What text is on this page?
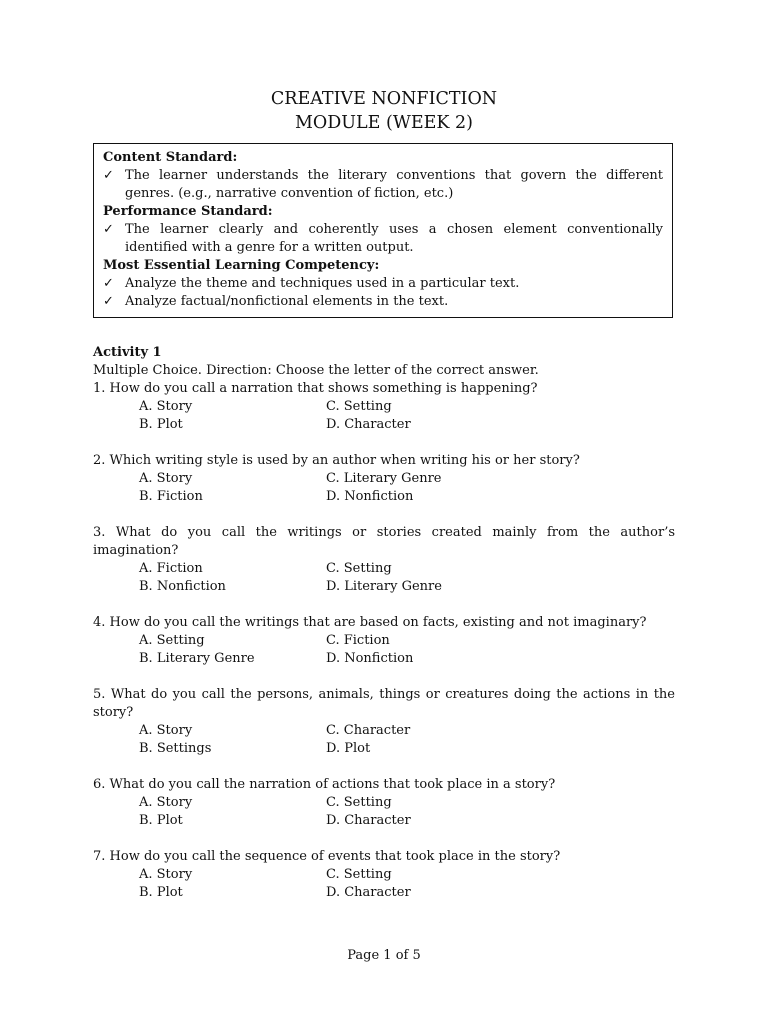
CREATIVE NONFICTION
MODULE (WEEK 2)
Content Standard:
✓ The learner understands the literary conventions that govern the different genres. (e.g., narrative convention of fiction, etc.)
Performance Standard:
✓ The learner clearly and coherently uses a chosen element conventionally identified with a genre for a written output.
Most Essential Learning Competency:
✓ Analyze the theme and techniques used in a particular text.
✓ Analyze factual/nonfictional elements in the text.
Activity 1
Multiple Choice. Direction: Choose the letter of the correct answer.
1. How do you call a narration that shows something is happening?
A. Story	C. Setting
B. Plot	D. Character
2. Which writing style is used by an author when writing his or her story?
A. Story	C. Literary Genre
B. Fiction	D. Nonfiction
3. What do you call the writings or stories created mainly from the author’s imagination?
A. Fiction	C. Setting
B. Nonfiction	D. Literary Genre
4. How do you call the writings that are based on facts, existing and not imaginary?
A. Setting	C. Fiction
B. Literary Genre	D. Nonfiction
5. What do you call the persons, animals, things or creatures doing the actions in the story?
A. Story	C. Character
B. Settings	D. Plot
6. What do you call the narration of actions that took place in a story?
A. Story	C. Setting
B. Plot	D. Character
7. How do you call the sequence of events that took place in the story?
A. Story	C. Setting
B. Plot	D. Character
Page 1 of 5
